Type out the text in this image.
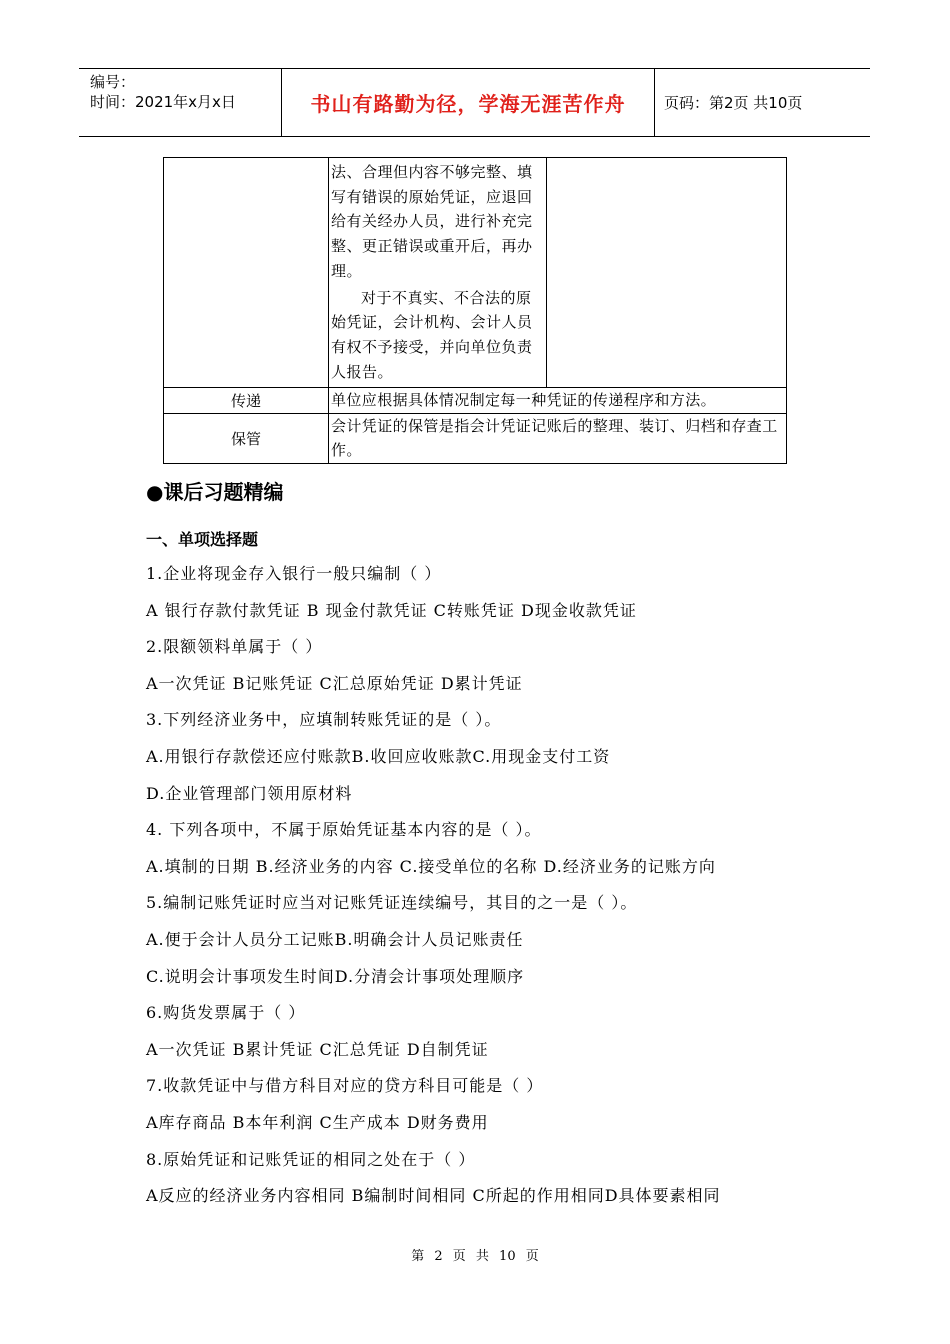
编号：
时间：2021年x月x日	书山有路勤为径，学海无涯苦作舟	页码：第2页 共10页

	法、合理但内容不够完整、填写有错误的原始凭证，应退回给有关经办人员，进行补充完整、更正错误或重开后，再办理。
对于不真实、不合法的原始凭证，会计机构、会计人员有权不予接受，并向单位负责人报告。	

传递	单位应根据具体情况制定每一种凭证的传递程序和方法。	

保管	会计凭证的保管是指会计凭证记账后的整理、装订、归档和存查工作。	
●课后习题精编
一、单项选择题
1.企业将现金存入银行一般只编制（ ）
A 银行存款付款凭证 B 现金付款凭证 C转账凭证 D现金收款凭证
2.限额领料单属于（ ）
A一次凭证 B记账凭证 C汇总原始凭证 D累计凭证
3.下列经济业务中，应填制转账凭证的是（ ）。
A.用银行存款偿还应付账款B.收回应收账款C.用现金支付工资
D.企业管理部门领用原材料
4. 下列各项中，不属于原始凭证基本内容的是（ ）。
A.填制的日期 B.经济业务的内容 C.接受单位的名称 D.经济业务的记账方向
5.编制记账凭证时应当对记账凭证连续编号，其目的之一是（ ）。
A.便于会计人员分工记账B.明确会计人员记账责任
C.说明会计事项发生时间D.分清会计事项处理顺序
6.购货发票属于（ ）
A一次凭证 B累计凭证 C汇总凭证 D自制凭证
7.收款凭证中与借方科目对应的贷方科目可能是（ ）
A库存商品 B本年利润 C生产成本 D财务费用
8.原始凭证和记账凭证的相同之处在于（ ）
A反应的经济业务内容相同 B编制时间相同 C所起的作用相同D具体要素相同
第 2 页 共 10 页
